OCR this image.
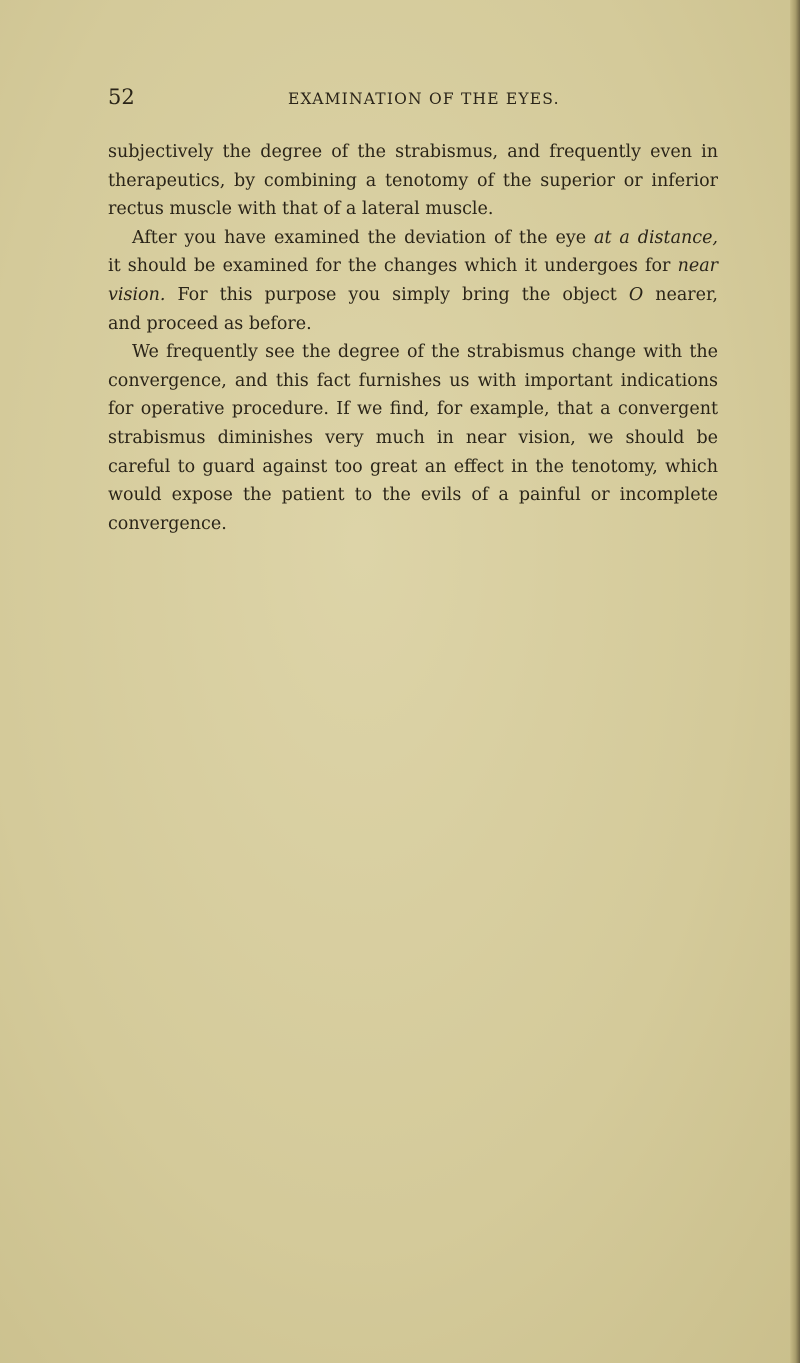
52	EXAMINATION OF THE EYES.
subjectively the degree of the strabismus, and frequently even in
therapeutics, by combining a tenotomy of the superior or inferior
rectus muscle with that of a lateral muscle.
After you have examined the deviation of the eye at a distance,
it should be examined for the changes which it undergoes for near
vision. For this purpose you simply bring the object O nearer,
and proceed as before.
We frequently see the degree of the strabismus change with the
convergence, and this fact furnishes us with important indications
for operative procedure. If we find, for example, that a convergent
strabismus diminishes very much in near vision, we should be
careful to guard against too great an effect in the tenotomy, which
would expose the patient to the evils of a painful or incomplete
convergence.
